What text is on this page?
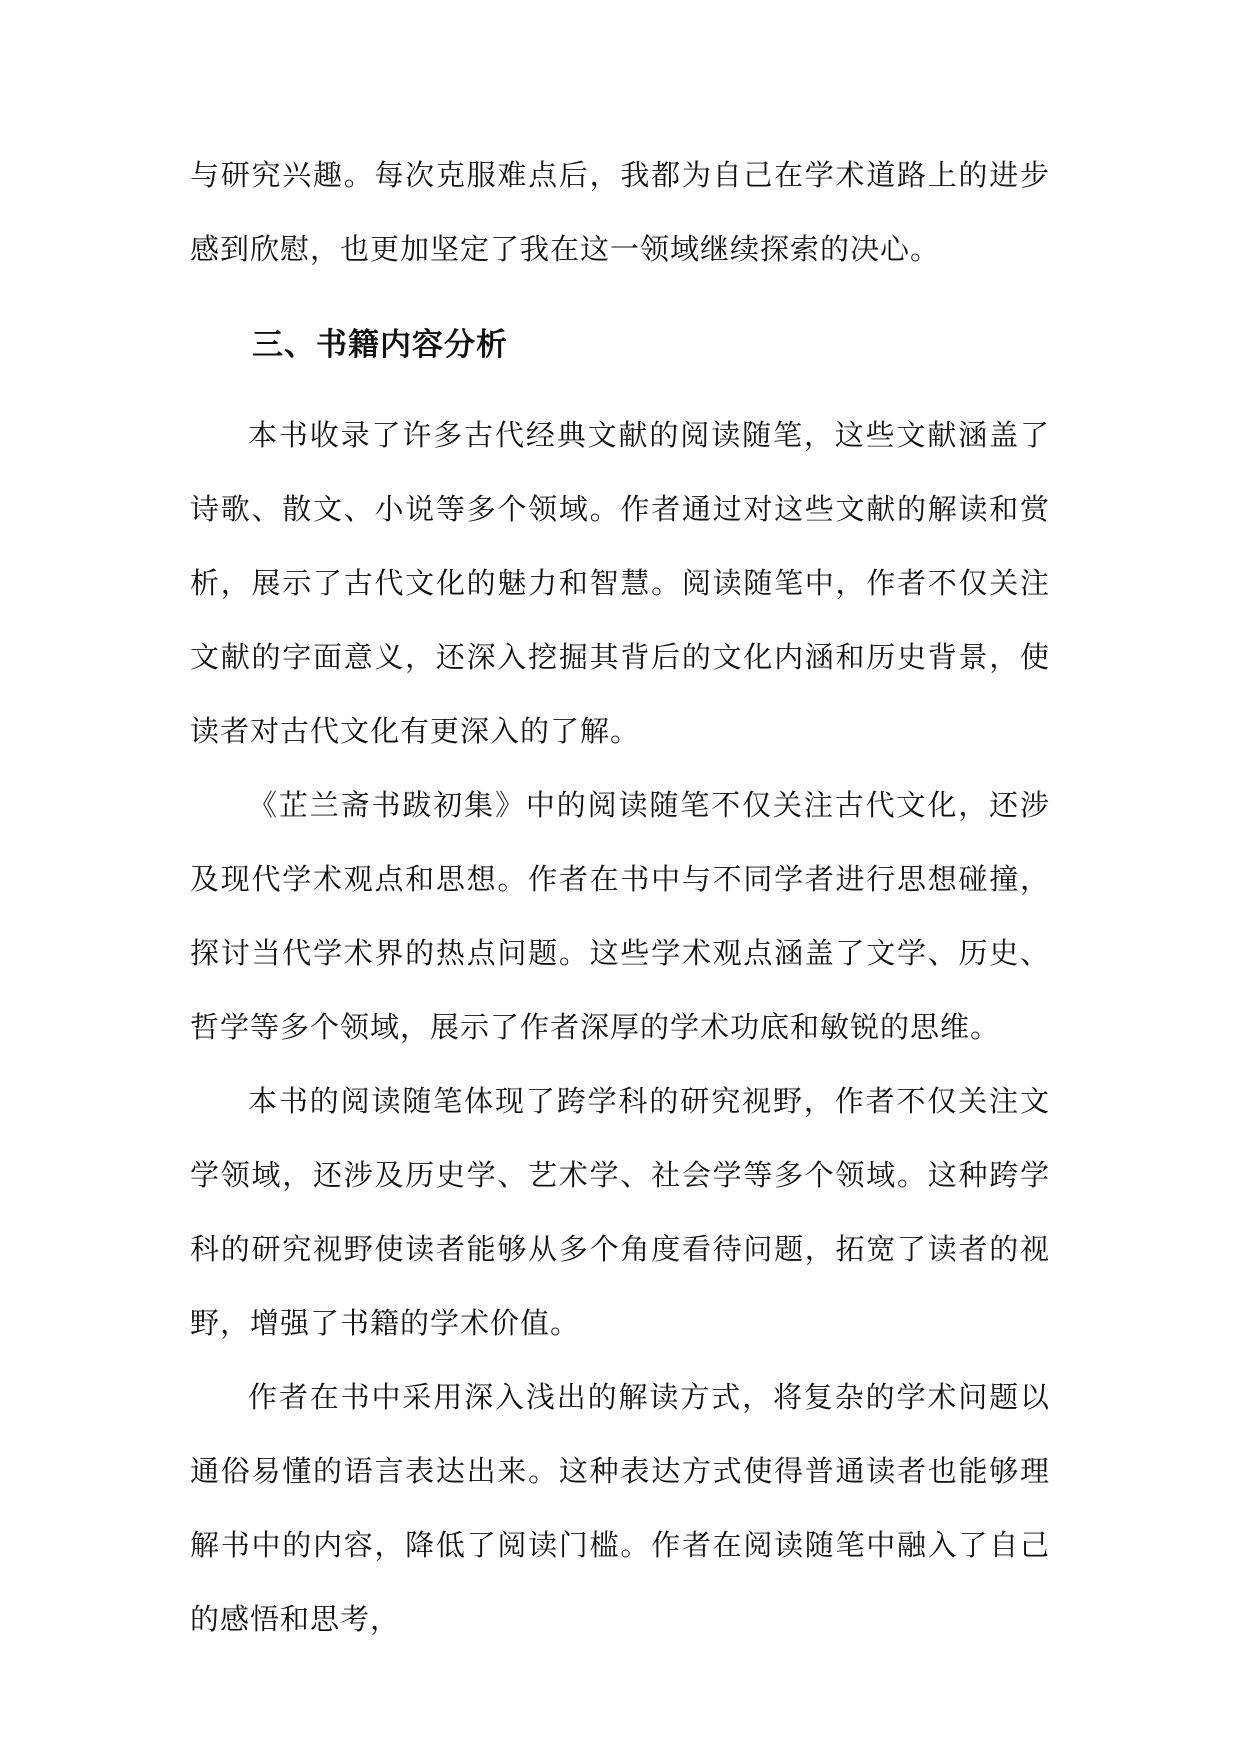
与研究兴趣。每次克服难点后，我都为自己在学术道路上的进步感到欣慰，也更加坚定了我在这一领域继续探索的决心。

三、书籍内容分析

本书收录了许多古代经典文献的阅读随笔，这些文献涵盖了诗歌、散文、小说等多个领域。作者通过对这些文献的解读和赏析，展示了古代文化的魅力和智慧。阅读随笔中，作者不仅关注文献的字面意义，还深入挖掘其背后的文化内涵和历史背景，使读者对古代文化有更深入的了解。

《芷兰斋书跋初集》中的阅读随笔不仅关注古代文化，还涉及现代学术观点和思想。作者在书中与不同学者进行思想碰撞，探讨当代学术界的热点问题。这些学术观点涵盖了文学、历史、哲学等多个领域，展示了作者深厚的学术功底和敏锐的思维。

本书的阅读随笔体现了跨学科的研究视野，作者不仅关注文学领域，还涉及历史学、艺术学、社会学等多个领域。这种跨学科的研究视野使读者能够从多个角度看待问题，拓宽了读者的视野，增强了书籍的学术价值。

作者在书中采用深入浅出的解读方式，将复杂的学术问题以通俗易懂的语言表达出来。这种表达方式使得普通读者也能够理解书中的内容，降低了阅读门槛。作者在阅读随笔中融入了自己的感悟和思考，
